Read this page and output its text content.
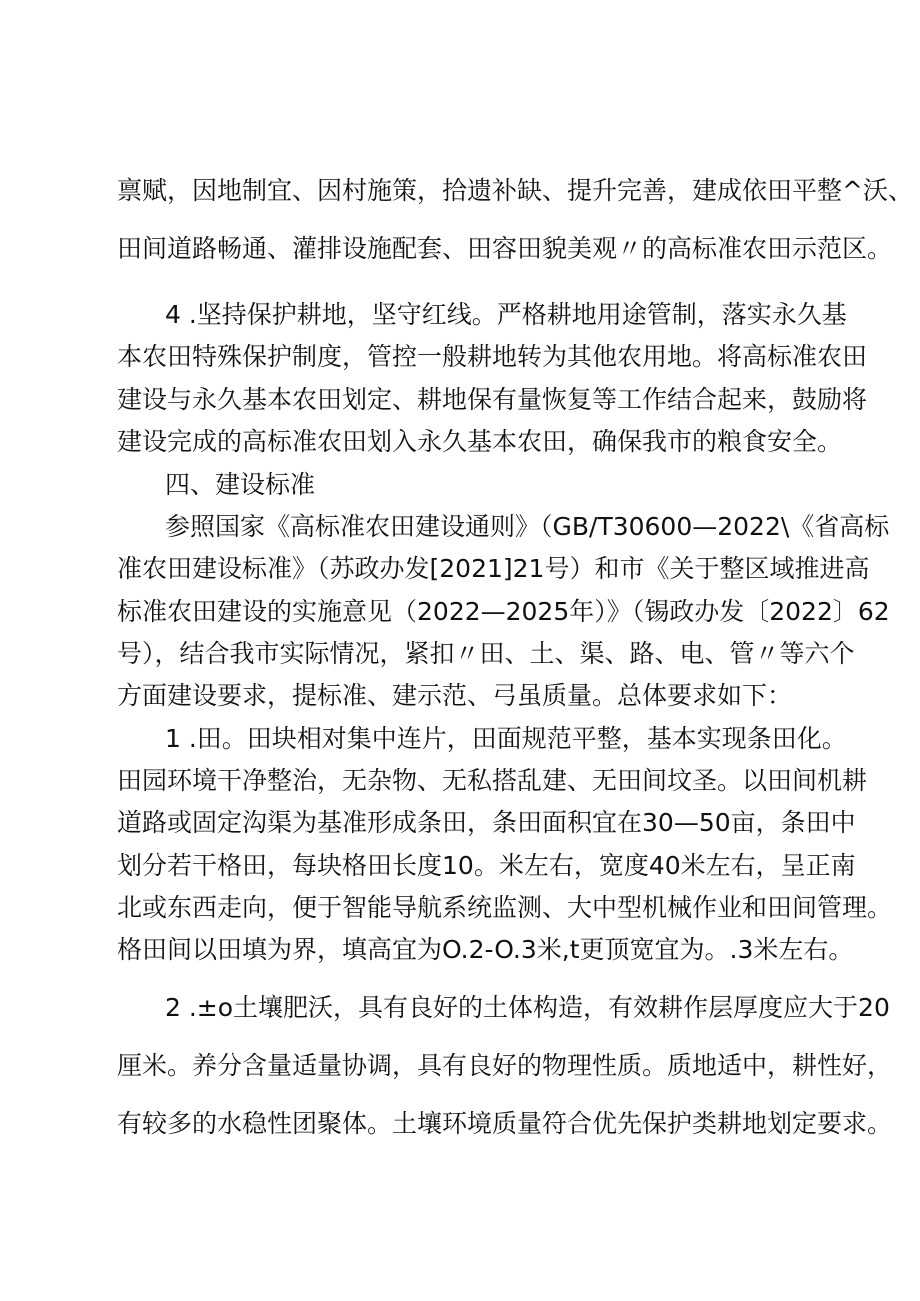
禀赋，因地制宜、因村施策，拾遗补缺、提升完善，建成依田平整^沃、
田间道路畅通、灌排设施配套、田容田貌美观〃的高标准农田示范区。
4 .坚持保护耕地，坚守红线。严格耕地用途管制，落实永久基
本农田特殊保护制度，管控一般耕地转为其他农用地。将高标准农田
建设与永久基本农田划定、耕地保有量恢复等工作结合起来，鼓励将
建设完成的高标准农田划入永久基本农田，确保我市的粮食安全。
四、建设标准
参照国家《高标准农田建设通则》（GB/T30600—2022\《省高标
准农田建设标准》（苏政办发[2021]21号）和市《关于整区域推进高
标准农田建设的实施意见（2022—2025年）》（锡政办发〔2022〕62
号），结合我市实际情况，紧扣〃田、土、渠、路、电、管〃等六个
方面建设要求，提标准、建示范、弓虽质量。总体要求如下：
1 .田。田块相对集中连片，田面规范平整，基本实现条田化。
田园环境干净整治，无杂物、无私搭乱建、无田间坟圣。以田间机耕
道路或固定沟渠为基准形成条田，条田面积宜在30—50亩，条田中
划分若干格田，每块格田长度10。米左右，宽度40米左右，呈正南
北或东西走向，便于智能导航系统监测、大中型机械作业和田间管理。
格田间以田填为界，填高宜为O.2-O.3米,t更顶宽宜为。.3米左右。
2 .±o土壤肥沃，具有良好的土体构造，有效耕作层厚度应大于20
厘米。养分含量适量协调，具有良好的物理性质。质地适中，耕性好，
有较多的水稳性团聚体。土壤环境质量符合优先保护类耕地划定要求。
